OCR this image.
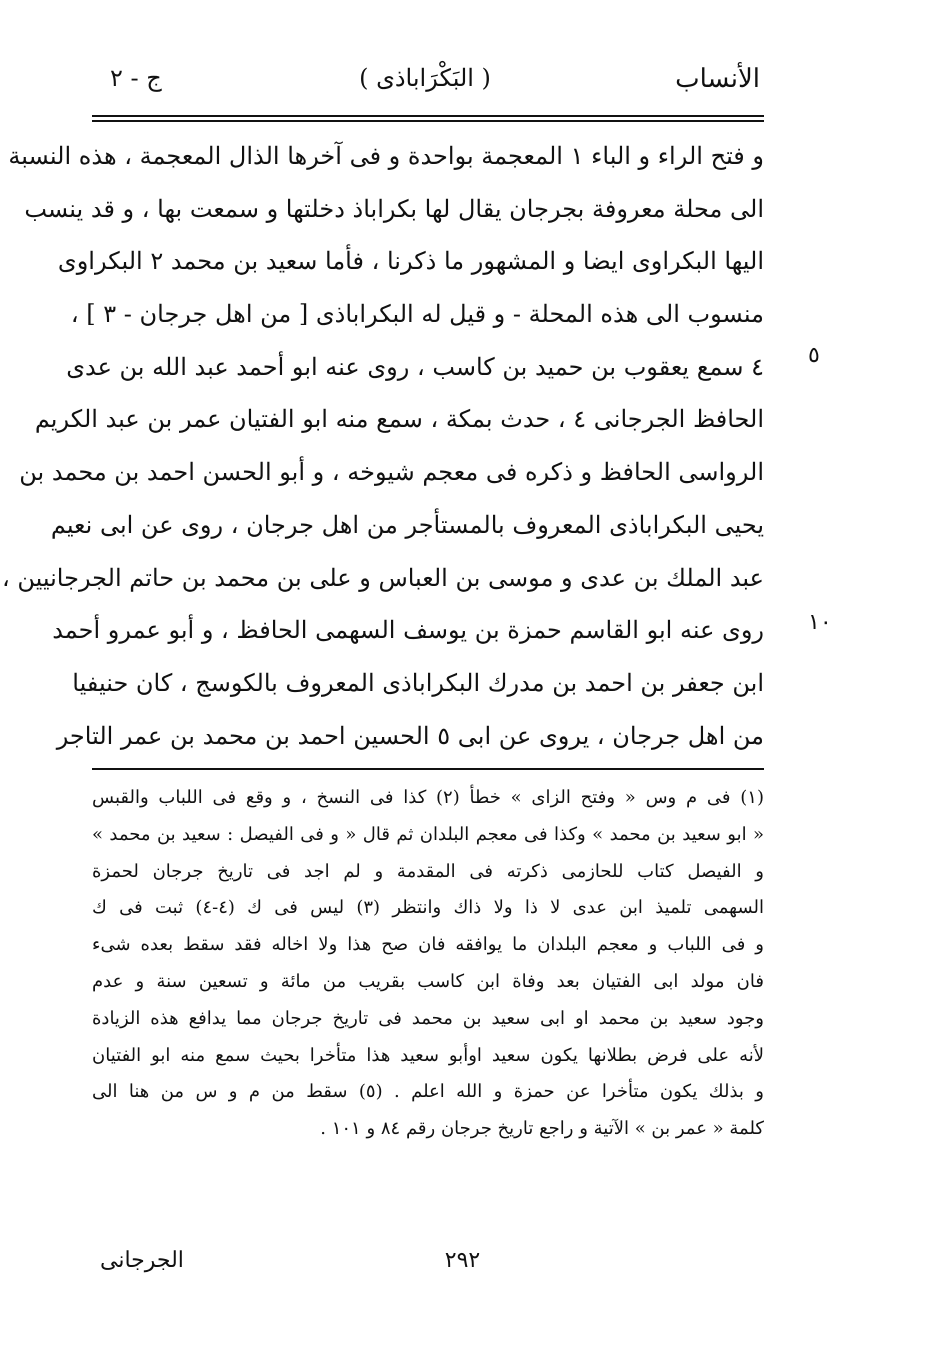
ج - ٢	( البَكْرَاباذى )	الأنساب
و فتح الراء و الباء ١ المعجمة بواحدة و فى آخرها الذال المعجمة ، هذه النسبة
الى محلة معروفة بجرجان يقال لها بكراباذ دخلتها و سمعت بها ، و قد ينسب
اليها البكراوى ايضا و المشهور ما ذكرنا ، فأما سعيد بن محمد ٢ البكراوى
منسوب الى هذه المحلة - و قيل له البكراباذى [ من اهل جرجان - ٣ ] ،
٤ سمع يعقوب بن حميد بن كاسب ، روى عنه ابو أحمد عبد الله بن عدى
الحافظ الجرجانى ٤ ، حدث بمكة ، سمع منه ابو الفتيان عمر بن عبد الكريم
الرواسى الحافظ و ذكره فى معجم شيوخه ، و أبو الحسن احمد بن محمد بن
يحيى البكراباذى المعروف بالمستأجر من اهل جرجان ، روى عن ابى نعيم
عبد الملك بن عدى و موسى بن العباس و على بن محمد بن حاتم الجرجانيين ،
روى عنه ابو القاسم حمزة بن يوسف السهمى الحافظ ، و أبو عمرو أحمد
ابن جعفر بن احمد بن مدرك البكراباذى المعروف بالكوسج ، كان حنيفيا
من اهل جرجان ، يروى عن ابى ٥ الحسين احمد بن محمد بن عمر التاجر
٥
١٠
(١) فى م وس « وفتح الزاى » خطأ (٢) كذا فى النسخ ، و وقع فى اللباب والقبس
« ابو سعيد بن محمد » وكذا فى معجم البلدان ثم قال « و فى الفيصل : سعيد بن محمد »
و الفيصل كتاب للحازمى ذكرته فى المقدمة و لم اجد فى تاريخ جرجان لحمزة
السهمى تلميذ ابن عدى لا ذا ولا ذاك وانتظر (٣) ليس فى ك (٤-٤) ثبت فى ك
و فى اللباب و معجم البلدان ما يوافقه فان صح هذا ولا اخاله فقد سقط بعده شىء
فان مولد ابى الفتيان بعد وفاة ابن كاسب بقريب من مائة و تسعين سنة و عدم
وجود سعيد بن محمد او ابى سعيد بن محمد فى تاريخ جرجان مما يدافع هذه الزيادة
لأنه على فرض بطلانها يكون سعيد اوأبو سعيد هذا متأخرا بحيث سمع منه ابو الفتيان
و بذلك يكون متأخرا عن حمزة و الله اعلم . (٥) سقط من م و س من هنا الى
كلمة « عمر بن » الآتية و راجع تاريخ جرجان رقم ٨٤ و ١٠١ .
٢٩٢
الجرجانى
